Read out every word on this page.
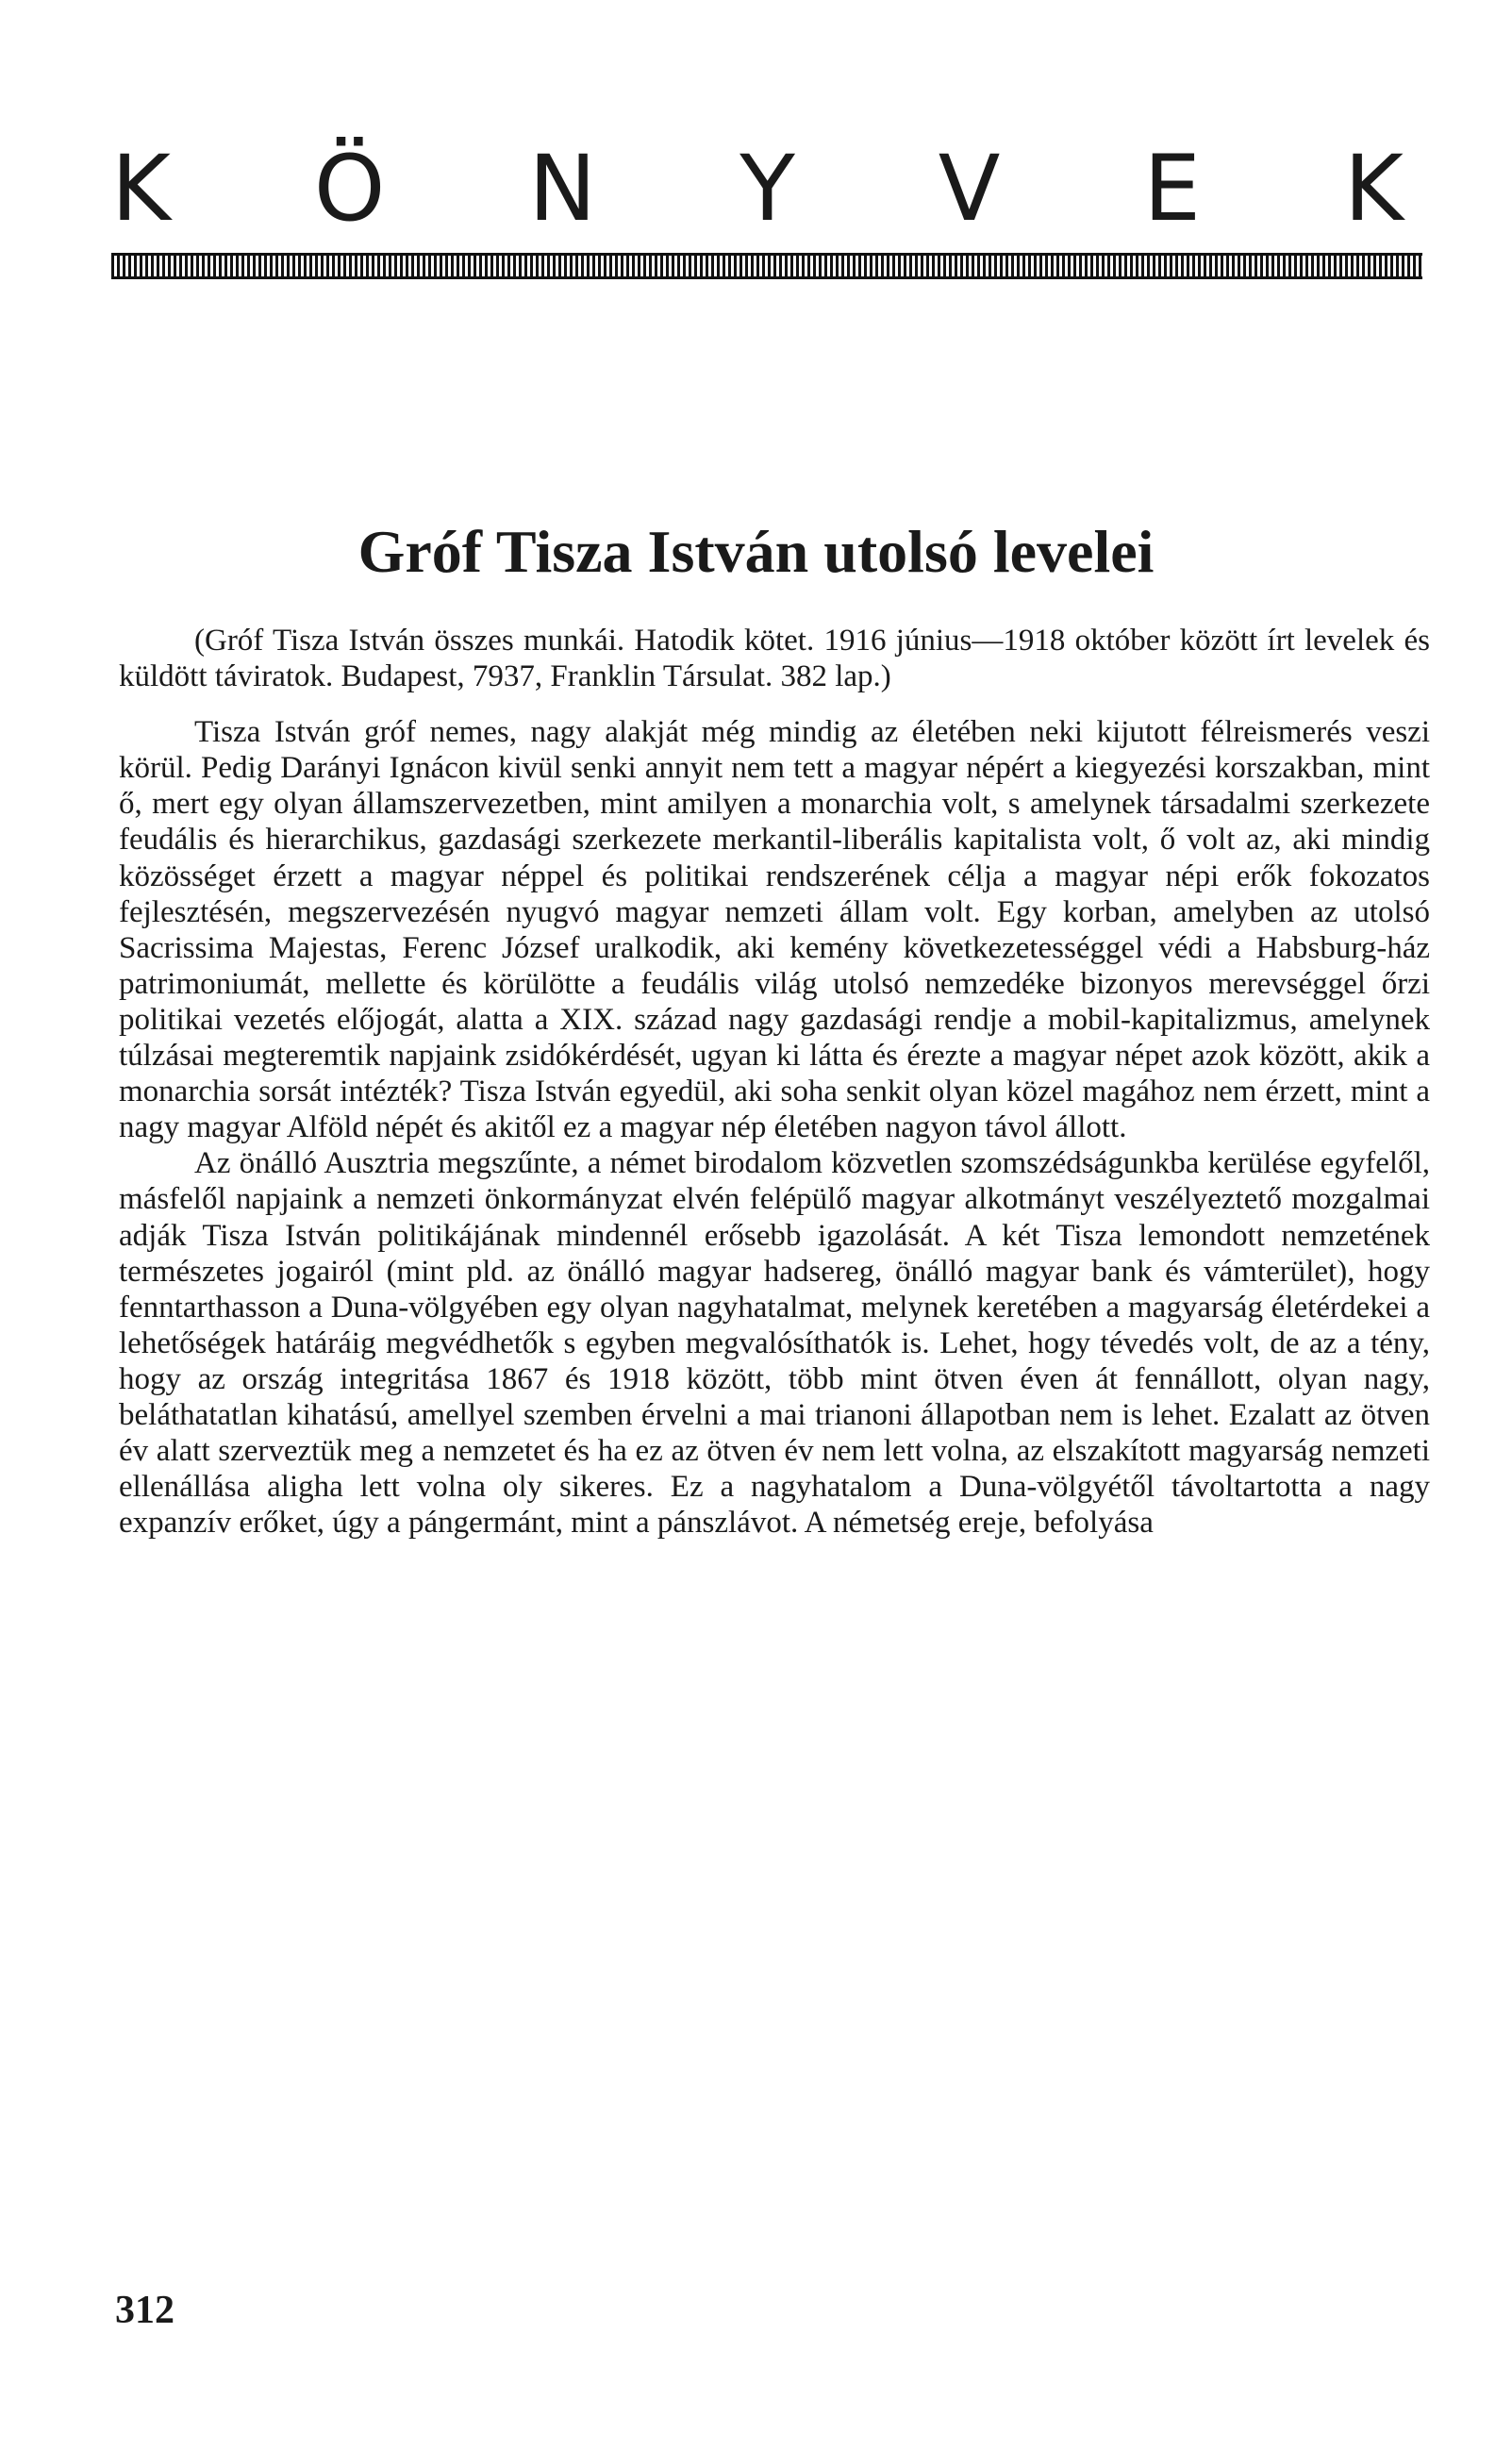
K Ö N Y V E K
Gróf Tisza István utolsó levelei

(Gróf Tisza István összes munkái. Hatodik kötet. 1916 június—1918 október között írt levelek és küldött táviratok. Budapest, 7937, Franklin Társulat. 382 lap.)

Tisza István gróf nemes, nagy alakját még mindig az életében neki kijutott félreismerés veszi körül. Pedig Darányi Ignácon kivül senki annyit nem tett a magyar népért a kiegyezési korszakban, mint ő, mert egy olyan államszervezetben, mint amilyen a monarchia volt, s amelynek társadalmi szerkezete feudális és hierarchikus, gazdasági szerkezete merkantil-liberális kapitalista volt, ő volt az, aki mindig közösséget érzett a magyar néppel és politikai rendszerének célja a magyar népi erők fokozatos fejlesztésén, megszervezésén nyugvó magyar nemzeti állam volt. Egy korban, amelyben az utolsó Sacrissima Majestas, Ferenc József uralkodik, aki kemény következetességgel védi a Habsburg-ház patrimoniumát, mellette és körülötte a feudális világ utolsó nemzedéke bizonyos merevséggel őrzi politikai vezetés előjogát, alatta a XIX. század nagy gazdasági rendje a mobil-kapitalizmus, amelynek túlzásai megteremtik napjaink zsidókérdését, ugyan ki látta és érezte a magyar népet azok között, akik a monarchia sorsát intézték? Tisza István egyedül, aki soha senkit olyan közel magához nem érzett, mint a nagy magyar Alföld népét és akitől ez a magyar nép életében nagyon távol állott.

Az önálló Ausztria megszűnte, a német birodalom közvetlen szomszédságunkba kerülése egyfelől, másfelől napjaink a nemzeti önkormányzat elvén felépülő magyar alkotmányt veszélyeztető mozgalmai adják Tisza István politikájának mindennél erősebb igazolását. A két Tisza lemondott nemzetének természetes jogairól (mint pld. az önálló magyar hadsereg, önálló magyar bank és vámterület), hogy fenntarthasson a Duna-völgyében egy olyan nagyhatalmat, melynek keretében a magyarság életérdekei a lehetőségek határáig megvédhetők s egyben megvalósíthatók is. Lehet, hogy tévedés volt, de az a tény, hogy az ország integritása 1867 és 1918 között, több mint ötven éven át fennállott, olyan nagy, beláthatatlan kihatású, amellyel szemben érvelni a mai trianoni állapotban nem is lehet. Ezalatt az ötven év alatt szerveztük meg a nemzetet és ha ez az ötven év nem lett volna, az elszakított magyarság nemzeti ellenállása aligha lett volna oly sikeres. Ez a nagyhatalom a Duna-völgyétől távoltartotta a nagy expanzív erőket, úgy a pángermánt, mint a pánszlávot. A németség ereje, befolyása

312
